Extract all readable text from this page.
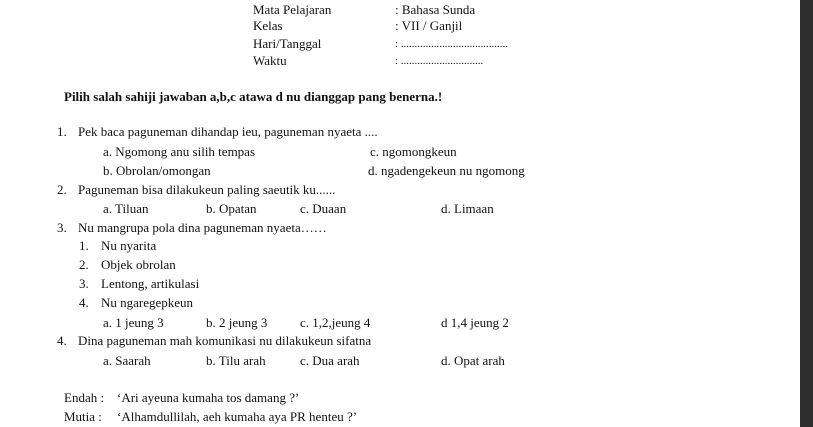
Mata Pelajaran	: Bahasa Sunda
Kelas	: VII / Ganjil
Hari/Tanggal	: .......................................
Waktu	: ..............................
Pilih salah sahiji jawaban a,b,c atawa d nu dianggap pang benerna.!
1. Pek baca paguneman dihandap ieu, paguneman nyaeta ....
a. Ngomong anu silih tempas	c. ngomongkeun
b. Obrolan/omongan	d. ngadengekeun nu ngomong
2. Paguneman bisa dilakukeun paling saeutik ku......
a. Tiluan	b. Opatan	c. Duaan	d. Limaan
3. Nu mangrupa pola dina paguneman nyaeta……
1. Nu nyarita
2. Objek obrolan
3. Lentong, artikulasi
4. Nu ngaregepkeun
a. 1 jeung 3	b. 2 jeung 3	c. 1,2,jeung 4	d 1,4 jeung 2
4. Dina paguneman mah komunikasi nu dilakukeun sifatna
a. Saarah	b. Tilu arah	c. Dua arah	d. Opat arah
Endah : ‘Ari ayeuna kumaha tos damang ?’
Mutia : ‘Alhamdullilah, aeh kumaha aya PR henteu ?’
